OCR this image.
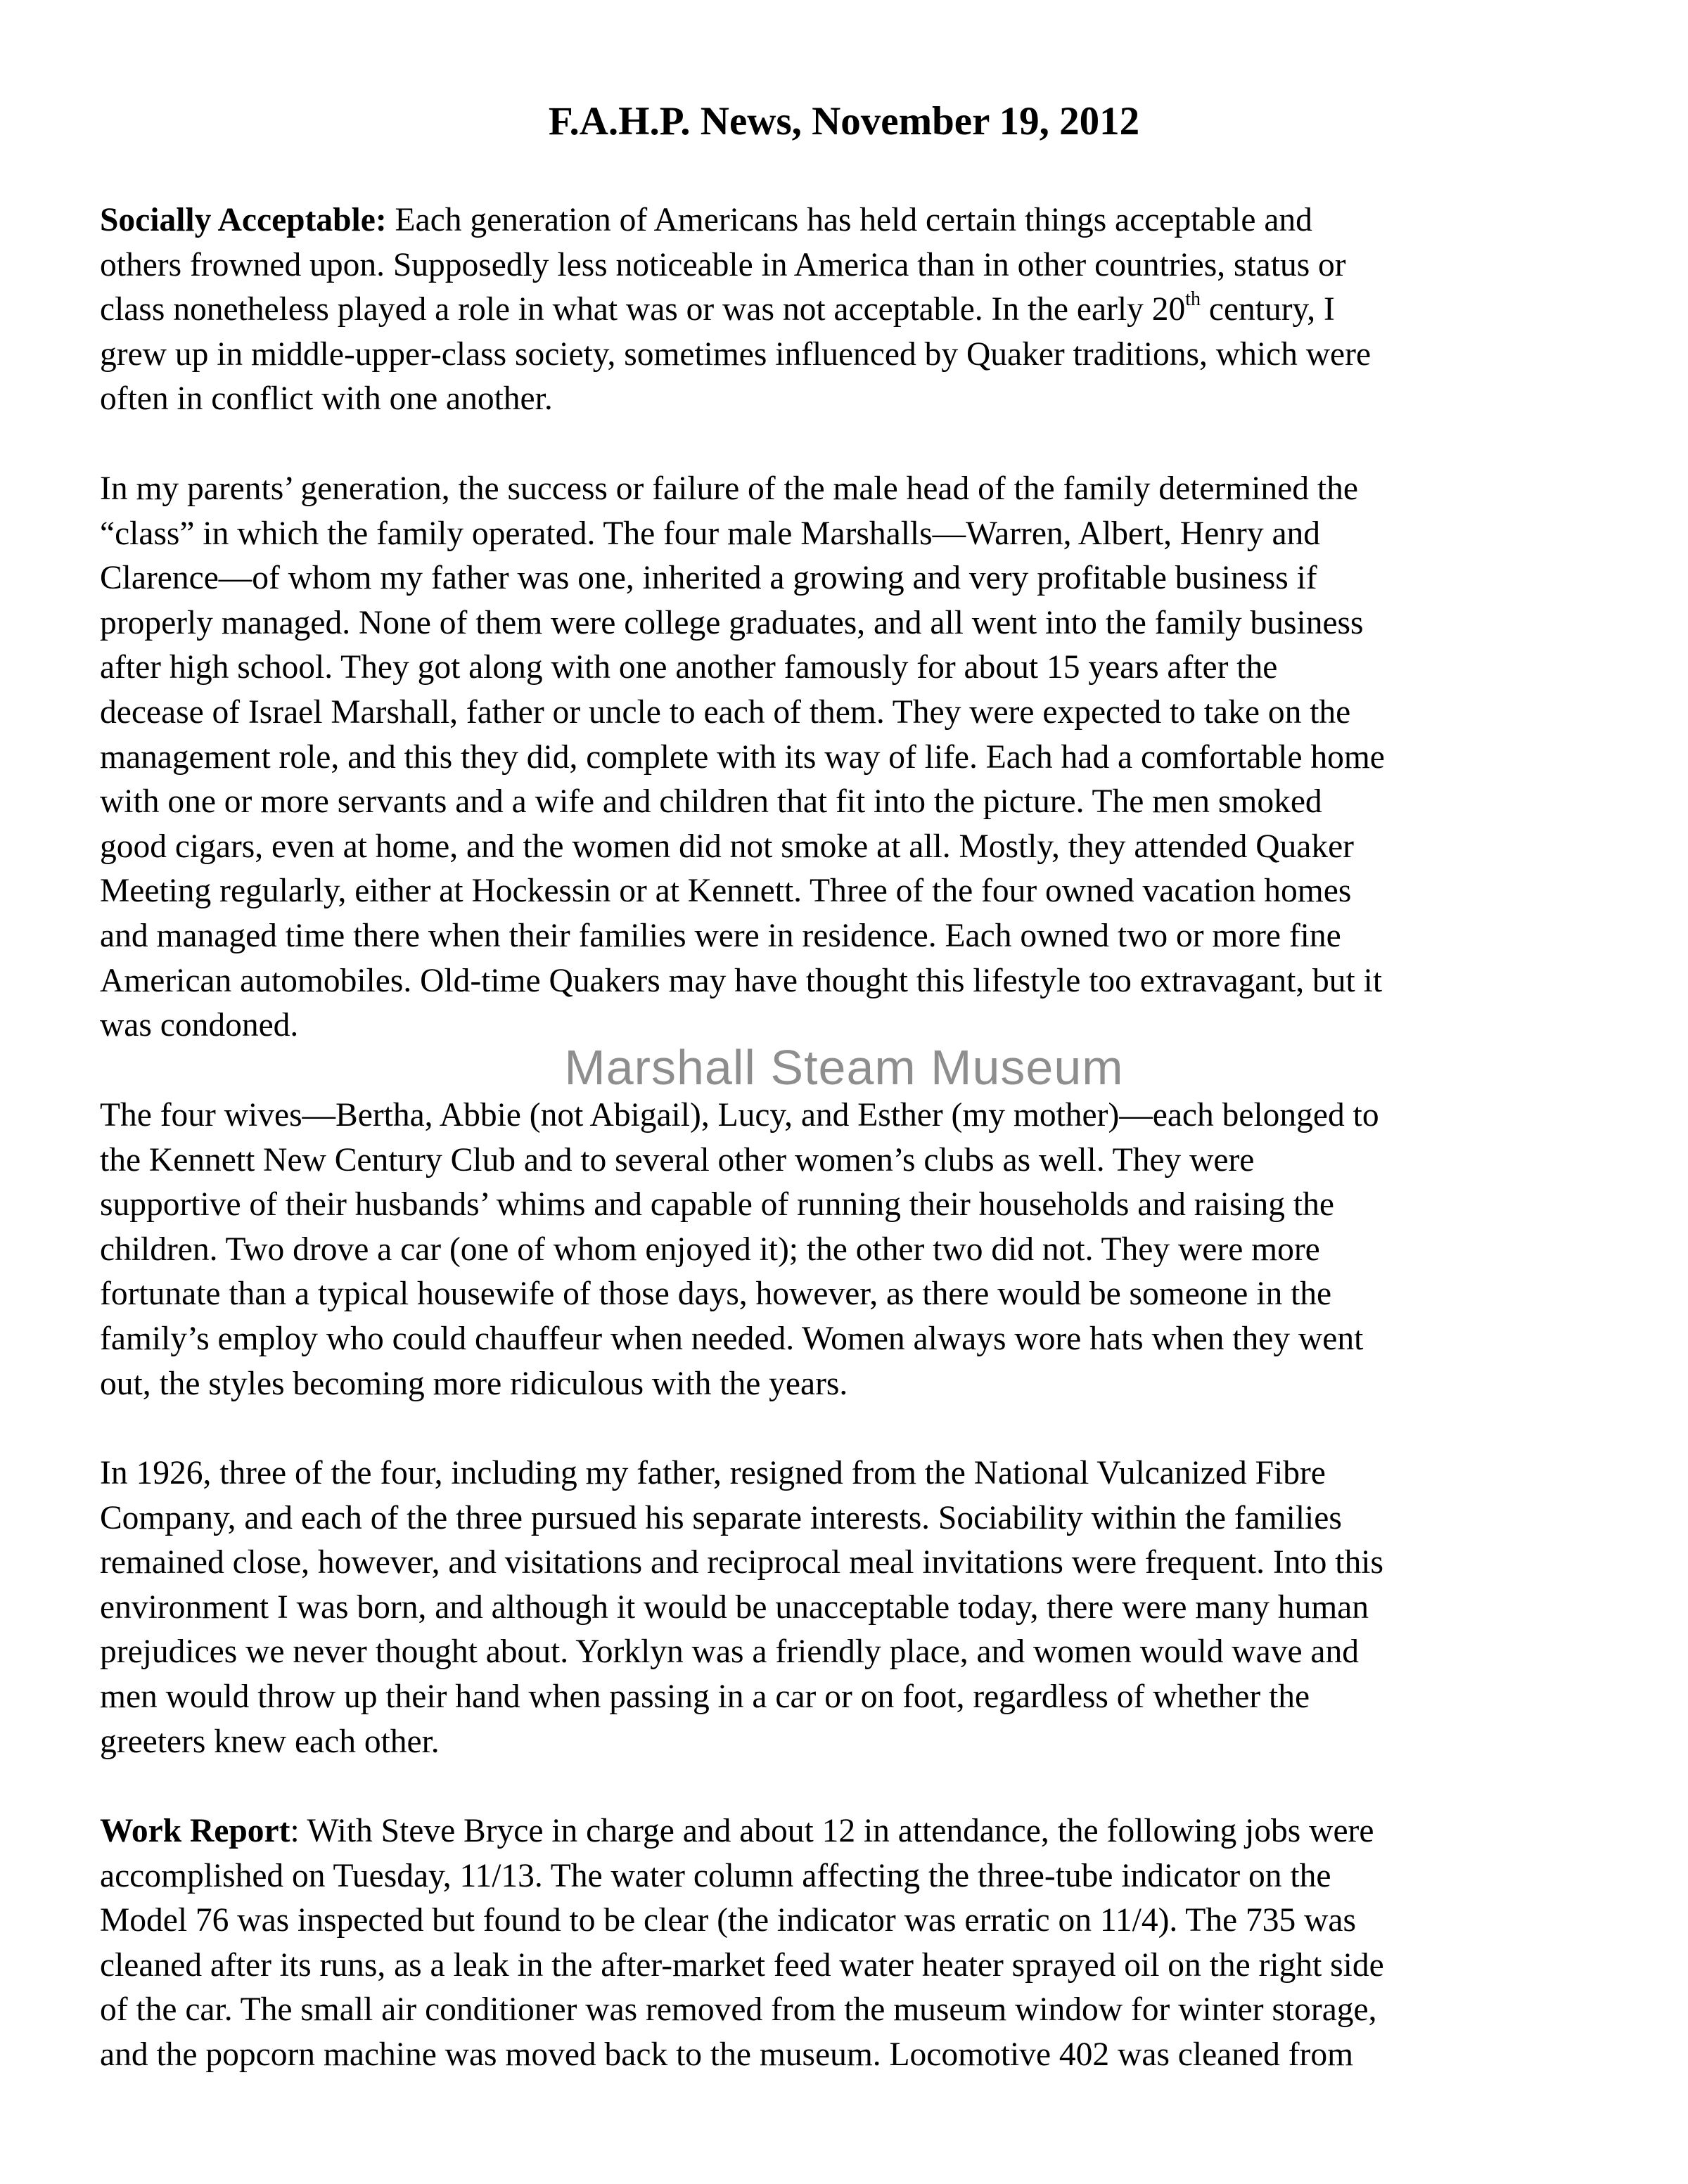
F.A.H.P. News, November 19, 2012
Socially Acceptable: Each generation of Americans has held certain things acceptable and
others frowned upon. Supposedly less noticeable in America than in other countries, status or
class nonetheless played a role in what was or was not acceptable. In the early 20th century, I
grew up in middle-upper-class society, sometimes influenced by Quaker traditions, which were
often in conflict with one another.
In my parents’ generation, the success or failure of the male head of the family determined the
“class” in which the family operated. The four male Marshalls—Warren, Albert, Henry and
Clarence—of whom my father was one, inherited a growing and very profitable business if
properly managed. None of them were college graduates, and all went into the family business
after high school. They got along with one another famously for about 15 years after the
decease of Israel Marshall, father or uncle to each of them. They were expected to take on the
management role, and this they did, complete with its way of life. Each had a comfortable home
with one or more servants and a wife and children that fit into the picture. The men smoked
good cigars, even at home, and the women did not smoke at all. Mostly, they attended Quaker
Meeting regularly, either at Hockessin or at Kennett. Three of the four owned vacation homes
and managed time there when their families were in residence. Each owned two or more fine
American automobiles. Old-time Quakers may have thought this lifestyle too extravagant, but it
was condoned.
The four wives—Bertha, Abbie (not Abigail), Lucy, and Esther (my mother)—each belonged to
the Kennett New Century Club and to several other women’s clubs as well. They were
supportive of their husbands’ whims and capable of running their households and raising the
children. Two drove a car (one of whom enjoyed it); the other two did not. They were more
fortunate than a typical housewife of those days, however, as there would be someone in the
family’s employ who could chauffeur when needed. Women always wore hats when they went
out, the styles becoming more ridiculous with the years.
In 1926, three of the four, including my father, resigned from the National Vulcanized Fibre
Company, and each of the three pursued his separate interests. Sociability within the families
remained close, however, and visitations and reciprocal meal invitations were frequent. Into this
environment I was born, and although it would be unacceptable today, there were many human
prejudices we never thought about. Yorklyn was a friendly place, and women would wave and
men would throw up their hand when passing in a car or on foot, regardless of whether the
greeters knew each other.
Work Report: With Steve Bryce in charge and about 12 in attendance, the following jobs were
accomplished on Tuesday, 11/13. The water column affecting the three-tube indicator on the
Model 76 was inspected but found to be clear (the indicator was erratic on 11/4). The 735 was
cleaned after its runs, as a leak in the after-market feed water heater sprayed oil on the right side
of the car. The small air conditioner was removed from the museum window for winter storage,
and the popcorn machine was moved back to the museum. Locomotive 402 was cleaned from
Marshall Steam Museum
